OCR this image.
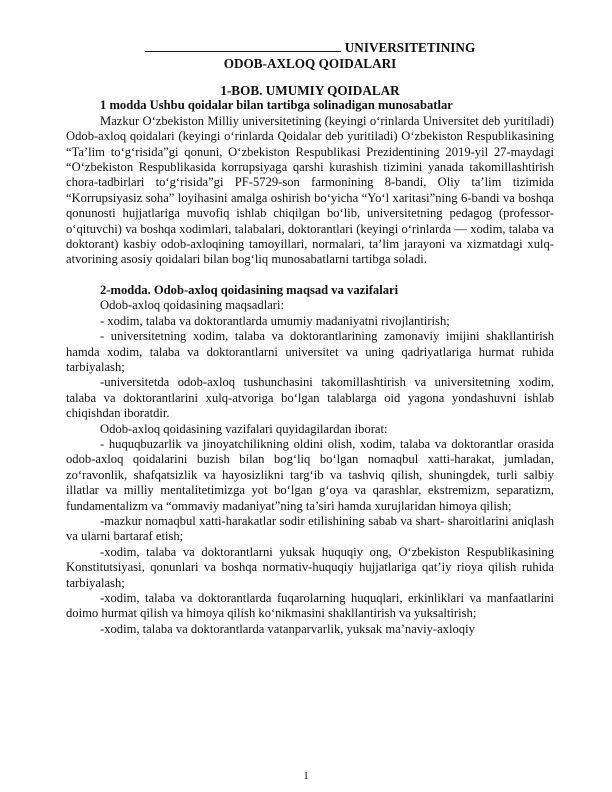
UNIVERSITETINING
ODOB-AXLOQ QOIDALARI
1-BOB. UMUMIY QOIDALAR
1 modda Ushbu qoidalar bilan tartibga solinadigan munosabatlar

Mazkur O‘zbekiston Milliy universitetining (keyingi o‘rinlarda Universitet deb yuritiladi) Odob-axloq qoidalari (keyingi o‘rinlarda Qoidalar deb yuritiladi) O‘zbekiston Respublikasining “Ta’lim to‘g‘risida”gi qonuni, O‘zbekiston Respublikasi Prezidentining 2019-yil 27-maydagi “O‘zbekiston Respublikasida korrupsiyaga qarshi kurashish tizimini yanada takomillashtirish chora-tadbirlari to‘g‘risida”gi PF-5729-son farmonining 8-bandi, Oliy ta’lim tizimida “Korrupsiyasiz soha” loyihasini amalga oshirish bo‘yicha “Yo‘l xaritasi”ning 6-bandi va boshqa qonunosti hujjatlariga muvofiq ishlab chiqilgan bo‘lib, universitetning pedagog (professor-o‘qituvchi) va boshqa xodimlari, talabalari, doktorantlari (keyingi o‘rinlarda — xodim, talaba va doktorant) kasbiy odob-axloqining tamoyillari, normalari, ta’lim jarayoni va xizmatdagi xulq-atvorining asosiy qoidalari bilan bog‘liq munosabatlarni tartibga soladi.

2-modda. Odob-axloq qoidasining maqsad va vazifalari

Odob-axloq qoidasining maqsadlari:

- xodim, talaba va doktorantlarda umumiy madaniyatni rivojlantirish;

- universitetning xodim, talaba va doktorantlarining zamonaviy imijini shakllantirish hamda xodim, talaba va doktorantlarni universitet va uning qadriyatlariga hurmat ruhida tarbiyalash;

-universitetda odob-axloq tushunchasini takomillashtirish va universitetning xodim, talaba va doktorantlarini xulq-atvoriga bo‘lgan talablarga oid yagona yondashuvni ishlab chiqishdan iboratdir.

Odob-axloq qoidasining vazifalari quyidagilardan iborat:

- huquqbuzarlik va jinoyatchilikning oldini olish, xodim, talaba va doktorantlar orasida odob-axloq qoidalarini buzish bilan bog‘liq bo‘lgan nomaqbul xatti-harakat, jumladan, zo‘ravonlik, shafqatsizlik va hayosizlikni targ‘ib va tashviq qilish, shuningdek, turli salbiy illatlar va milliy mentalitetimizga yot bo‘lgan g‘oya va qarashlar, ekstremizm, separatizm, fundamentalizm va “ommaviy madaniyat”ning ta’siri hamda xurujlaridan himoya qilish;

-mazkur nomaqbul xatti-harakatlar sodir etilishining sabab va shart- sharoitlarini aniqlash va ularni bartaraf etish;

-xodim, talaba va doktorantlarni yuksak huquqiy ong, O‘zbekiston Respublikasining Konstitutsiyasi, qonunlari va boshqa normativ-huquqiy hujjatlariga qat’iy rioya qilish ruhida tarbiyalash;

-xodim, talaba va doktorantlarda fuqarolarning huquqlari, erkinliklari va manfaatlarini doimo hurmat qilish va himoya qilish ko‘nikmasini shakllantirish va yuksaltirish;

-xodim, talaba va doktorantlarda vatanparvarlik, yuksak ma’naviy-axloqiy

1
